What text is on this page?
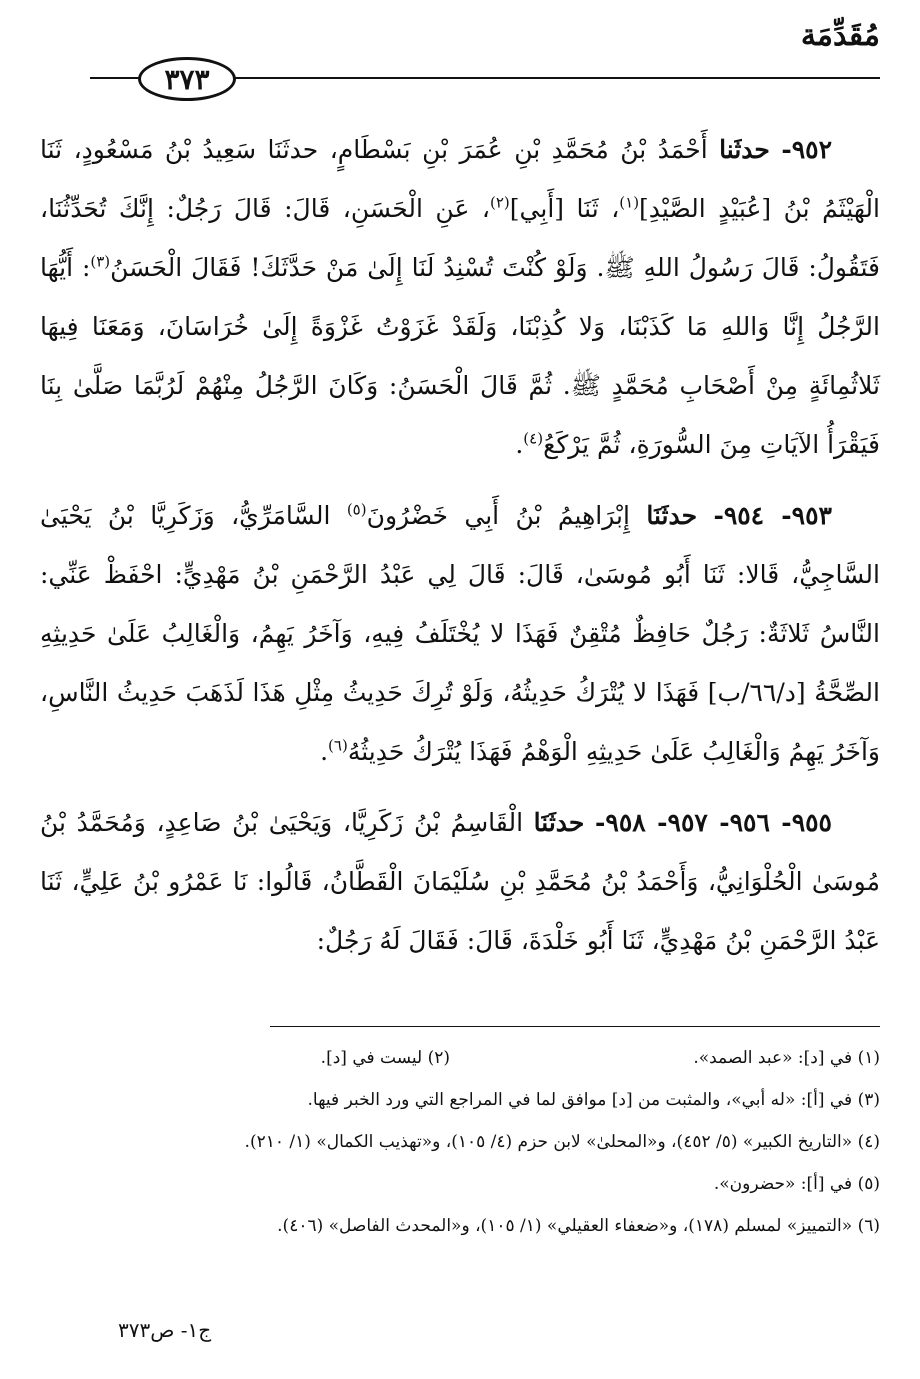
مُقَدِّمَة
٣٧٣

٩٥٢- حدثَنا أَحْمَدُ بْنُ مُحَمَّدِ بْنِ عُمَرَ بْنِ بَسْطَامٍ، حدثَنَا سَعِيدُ بْنُ مَسْعُودٍ، ثَنَا الْهَيْثَمُ بْنُ [عُبَيْدٍ الصَّيْدِ]$^{(١)}$، ثَنَا [أَبِي]$^{(٢)}$، عَنِ الْحَسَنِ، قَالَ: قَالَ رَجُلٌ: إِنَّكَ تُحَدِّثُنَا، فَتَقُولُ: قَالَ رَسُولُ اللهِ ﷺ. وَلَوْ كُنْتَ تُسْنِدُ لَنَا إِلَىٰ مَنْ حَدَّثَكَ! فَقَالَ الْحَسَنُ$^{(٣)}$: أَيُّهَا الرَّجُلُ إِنَّا وَاللهِ مَا كَذَبْنَا، وَلا كُذِبْنَا، وَلَقَدْ غَزَوْتُ غَزْوَةً إِلَىٰ خُرَاسَانَ، وَمَعَنَا فِيهَا ثَلاثُمِائَةٍ مِنْ أَصْحَابِ مُحَمَّدٍ ﷺ. ثُمَّ قَالَ الْحَسَنُ: وَكَانَ الرَّجُلُ مِنْهُمْ لَرُبَّمَا صَلَّىٰ بِنَا فَيَقْرَأُ الآيَاتِ مِنَ السُّورَةِ، ثُمَّ يَرْكَعُ$^{(٤)}$.

٩٥٣- ٩٥٤- حدثَنَا إِبْرَاهِيمُ بْنُ أَبِي خَضْرُونَ$^{(٥)}$ السَّامَرِّيُّ، وَزَكَرِيَّا بْنُ يَحْيَىٰ السَّاجِيُّ، قَالا: ثَنَا أَبُو مُوسَىٰ، قَالَ: قَالَ لِي عَبْدُ الرَّحْمَنِ بْنُ مَهْدِيٍّ: احْفَظْ عَنِّي: النَّاسُ ثَلاثَةٌ: رَجُلٌ حَافِظٌ مُتْقِنٌ فَهَذَا لا يُخْتَلَفُ فِيهِ، وَآخَرُ يَهِمُ، وَالْغَالِبُ عَلَىٰ حَدِيثِهِ الصِّحَّةُ [د/٦٦/ب] فَهَذَا لا يُتْرَكُ حَدِيثُهُ، وَلَوْ تُرِكَ حَدِيثُ مِثْلِ هَذَا لَذَهَبَ حَدِيثُ النَّاسِ، وَآخَرُ يَهِمُ وَالْغَالِبُ عَلَىٰ حَدِيثِهِ الْوَهْمُ فَهَذَا يُتْرَكُ حَدِيثُهُ$^{(٦)}$.

٩٥٥- ٩٥٦- ٩٥٧- ٩٥٨- حدثَنَا الْقَاسِمُ بْنُ زَكَرِيَّا، وَيَحْيَىٰ بْنُ صَاعِدٍ، وَمُحَمَّدُ بْنُ مُوسَىٰ الْحُلْوَانِيُّ، وَأَحْمَدُ بْنُ مُحَمَّدِ بْنِ سُلَيْمَانَ الْقَطَّانُ، قَالُوا: نَا عَمْرُو بْنُ عَلِيٍّ، ثَنَا عَبْدُ الرَّحْمَنِ بْنُ مَهْدِيٍّ، ثَنَا أَبُو خَلْدَةَ، قَالَ: فَقَالَ لَهُ رَجُلٌ:

(١) في [د]: «عبد الصمد».
(٢) ليست في [د].
(٣) في [أ]: «له أبي»، والمثبت من [د] موافق لما في المراجع التي ورد الخبر فيها.
(٤) «التاريخ الكبير» (٥/ ٤٥٢)، و«المحلىٰ» لابن حزم (٤/ ١٠٥)، و«تهذيب الكمال» (١/ ٢١٠).
(٥) في [أ]: «حضرون».
(٦) «التمييز» لمسلم (١٧٨)، و«ضعفاء العقيلي» (١/ ١٠٥)، و«المحدث الفاصل» (٤٠٦).
ج١- ص٣٧٣
